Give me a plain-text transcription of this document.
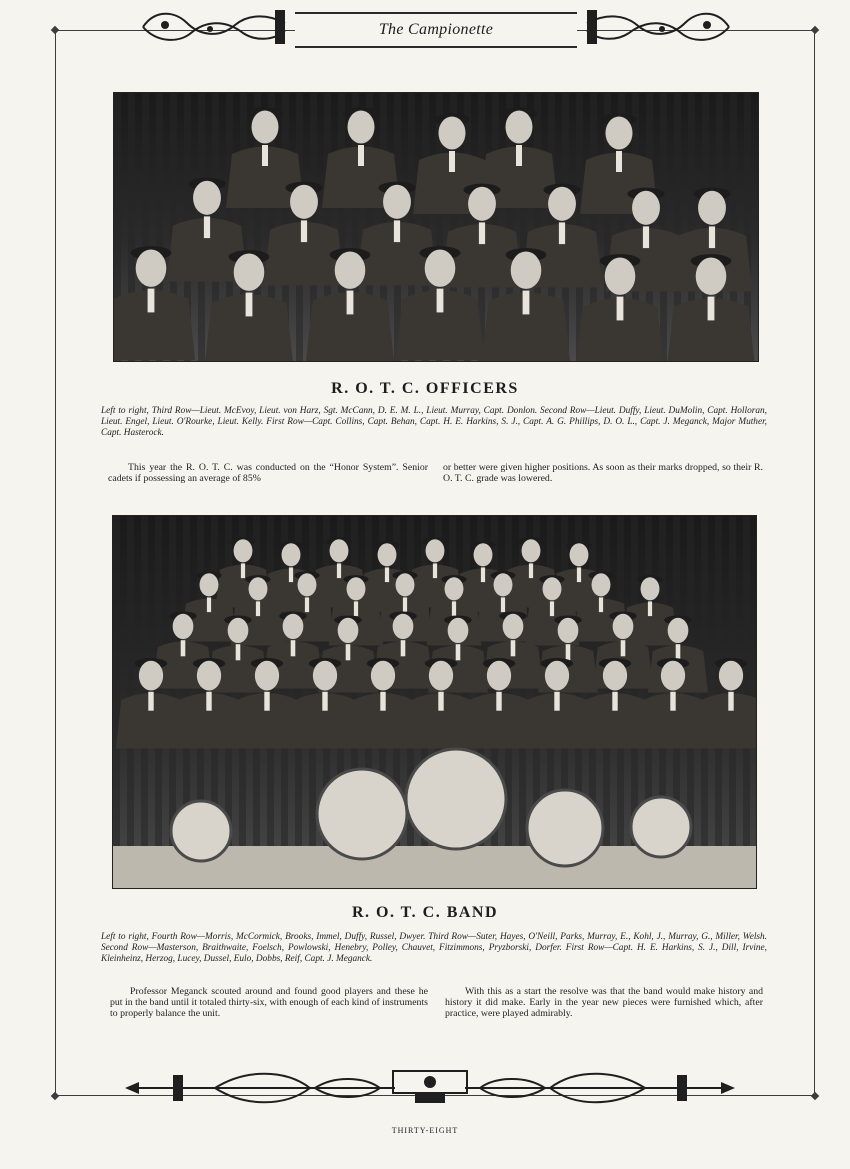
The Campionette
R. O. T. C. OFFICERS
Left to right, Third Row—Lieut. McEvoy, Lieut. von Harz, Sgt. McCann, D. E. M. L., Lieut. Murray, Capt. Donlon. Second Row—Lieut. Duffy, Lieut. DuMolin, Capt. Holloran, Lieut. Engel, Lieut. O'Rourke, Lieut. Kelly. First Row—Capt. Collins, Capt. Behan, Capt. H. E. Harkins, S. J., Capt. A. G. Phillips, D. O. L., Capt. J. Meganck, Major Muther, Capt. Hasterock.

This year the R. O. T. C. was conducted on the “Honor System”. Senior cadets if possessing an average of 85%

or better were given higher positions. As soon as their marks dropped, so their R. O. T. C. grade was lowered.

R. O. T. C. BAND
Left to right, Fourth Row—Morris, McCormick, Brooks, Immel, Duffy, Russel, Dwyer. Third Row—Suter, Hayes, O'Neill, Parks, Murray, E., Kohl, J., Murray, G., Miller, Welsh. Second Row—Masterson, Braithwaite, Foelsch, Powlowski, Henebry, Polley, Chauvet, Fitzimmons, Pryzborski, Dorfer. First Row—Capt. H. E. Harkins, S. J., Dill, Irvine, Kleinheinz, Herzog, Lucey, Dussel, Eulo, Dobbs, Reif, Capt. J. Meganck.

Professor Meganck scouted around and found good players and these he put in the band until it totaled thirty-six, with enough of each kind of instruments to properly balance the unit.

With this as a start the resolve was that the band would make history and history it did make. Early in the year new pieces were furnished which, after practice, were played admirably.

THIRTY-EIGHT
